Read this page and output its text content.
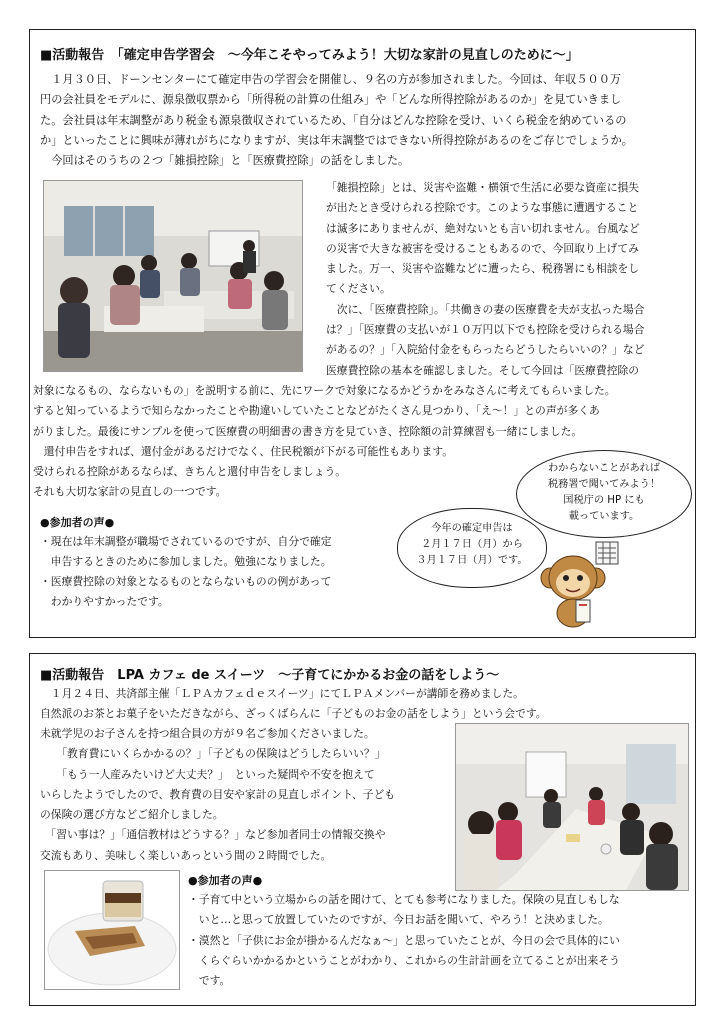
■活動報告　「確定申告学習会　～今年こそやってみよう！大切な家計の見直しのために～」
　１月３０日、ドーンセンターにて確定申告の学習会を開催し、９名の方が参加されました。今回は、年収５００万
円の会社員をモデルに、源泉徴収票から「所得税の計算の仕組み」や「どんな所得控除があるのか」を見ていきまし
た。会社員は年末調整があり税金も源泉徴収されているため、「自分はどんな控除を受け、いくら税金を納めているの
か」といったことに興味が薄れがちになりますが、実は年末調整ではできない所得控除があるのをご存じでしょうか。
　今回はそのうちの２つ「雑損控除」と「医療費控除」の話をしました。
「雑損控除」とは、災害や盗難・横領で生活に必要な資産に損失
が出たとき受けられる控除です。このような事態に遭遇すること
は滅多にありませんが、絶対ないとも言い切れません。台風など
の災害で大きな被害を受けることもあるので、今回取り上げてみ
ました。万一、災害や盗難などに遭ったら、税務署にも相談をし
てください。
　次に、「医療費控除」。「共働きの妻の医療費を夫が支払った場合
は？」「医療費の支払いが１０万円以下でも控除を受けられる場合
があるの？」「入院給付金をもらったらどうしたらいいの？」など
医療費控除の基本を確認しました。そして今回は「医療費控除の
対象になるもの、ならないもの」を説明する前に、先にワークで対象になるかどうかをみなさんに考えてもらいました。
すると知っているようで知らなかったことや勘違いしていたことなどがたくさん見つかり、「え～！」との声が多くあ
がりました。最後にサンプルを使って医療費の明細書の書き方を見ていき、控除額の計算練習も一緒にしました。
　還付申告をすれば、還付金があるだけでなく、住民税額が下がる可能性もあります。
受けられる控除があるならば、きちんと還付申告をしましょう。
それも大切な家計の見直しの一つです。
●参加者の声●
・現在は年末調整が職場でされているのですが、自分で確定
　申告するときのために参加しました。勉強になりました。
・医療費控除の対象となるものとならないものの例があって
　わかりやすかったです。
今年の確定申告は
２月１７日（月）から
３月１７日（月）です。
わからないことがあれば
税務署で聞いてみよう！
国税庁の HP にも
載っています。
■活動報告　LPA カフェ de スイーツ　～子育てにかかるお金の話をしよう～
　１月２４日、共済部主催「ＬＰＡカフェｄｅスイーツ」にてＬＰＡメンバーが講師を務めました。
自然派のお茶とお菓子をいただきながら、ざっくばらんに「子どものお金の話をしよう」という会です。
未就学児のお子さんを持つ組合員の方が９名ご参加くださいました。
　　「教育費にいくらかかるの？」「子どもの保険はどうしたらいい？」
　　「もう一人産みたいけど大丈夫？」　といった疑問や不安を抱えて
いらしたようでしたので、教育費の目安や家計の見直しポイント、子ども
の保険の選び方などご紹介しました。
　「習い事は？」「通信教材はどうする？」など参加者同士の情報交換や
交流もあり、美味しく楽しいあっという間の２時間でした。
●参加者の声●
・子育て中という立場からの話を聞けて、とても参考になりました。保険の見直しもしな
　いと…と思って放置していたのですが、今日お話を聞いて、やろう！と決めました。
・漠然と「子供にお金が掛かるんだなぁ～」と思っていたことが、今日の会で具体的にい
　くらぐらいかかるかということがわかり、これからの生計計画を立てることが出来そう
　です。
